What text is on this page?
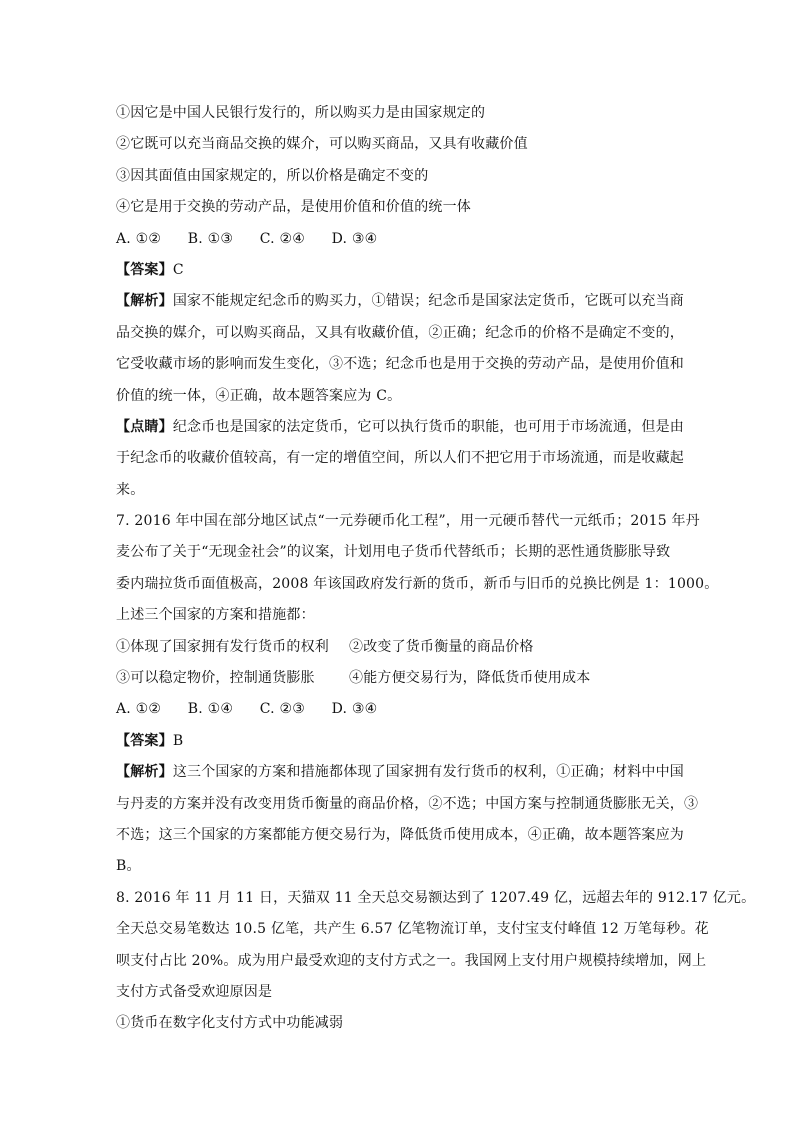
①因它是中国人民银行发行的，所以购买力是由国家规定的
②它既可以充当商品交换的媒介，可以购买商品，又具有收藏价值
③因其面值由国家规定的，所以价格是确定不变的
④它是用于交换的劳动产品，是使用价值和价值的统一体
A. ①② B. ①③ C. ②④ D. ③④
【答案】C
【解析】国家不能规定纪念币的购买力，①错误；纪念币是国家法定货币，它既可以充当商
品交换的媒介，可以购买商品，又具有收藏价值，②正确；纪念币的价格不是确定不变的，
它受收藏市场的影响而发生变化，③不选；纪念币也是用于交换的劳动产品，是使用价值和
价值的统一体，④正确，故本题答案应为 C。
【点睛】纪念币也是国家的法定货币，它可以执行货币的职能，也可用于市场流通，但是由
于纪念币的收藏价值较高，有一定的增值空间，所以人们不把它用于市场流通，而是收藏起
来。
7. 2016 年中国在部分地区试点“一元券硬币化工程”，用一元硬币替代一元纸币；2015 年丹
麦公布了关于“无现金社会”的议案，计划用电子货币代替纸币；长期的恶性通货膨胀导致
委内瑞拉货币面值极高，2008 年该国政府发行新的货币，新币与旧币的兑换比例是 1：1000。
上述三个国家的方案和措施都：
①体现了国家拥有发行货币的权利 ②改变了货币衡量的商品价格
③可以稳定物价，控制通货膨胀 ④能方便交易行为，降低货币使用成本
A. ①② B. ①④ C. ②③ D. ③④
【答案】B
【解析】这三个国家的方案和措施都体现了国家拥有发行货币的权利，①正确；材料中中国
与丹麦的方案并没有改变用货币衡量的商品价格，②不选；中国方案与控制通货膨胀无关，③
不选；这三个国家的方案都能方便交易行为，降低货币使用成本，④正确，故本题答案应为
B。
8. 2016 年 11 月 11 日，天猫双 11 全天总交易额达到了 1207.49 亿，远超去年的 912.17 亿元。
全天总交易笔数达 10.5 亿笔，共产生 6.57 亿笔物流订单，支付宝支付峰值 12 万笔每秒。花
呗支付占比 20%。成为用户最受欢迎的支付方式之一。我国网上支付用户规模持续增加，网上
支付方式备受欢迎原因是
①货币在数字化支付方式中功能减弱
